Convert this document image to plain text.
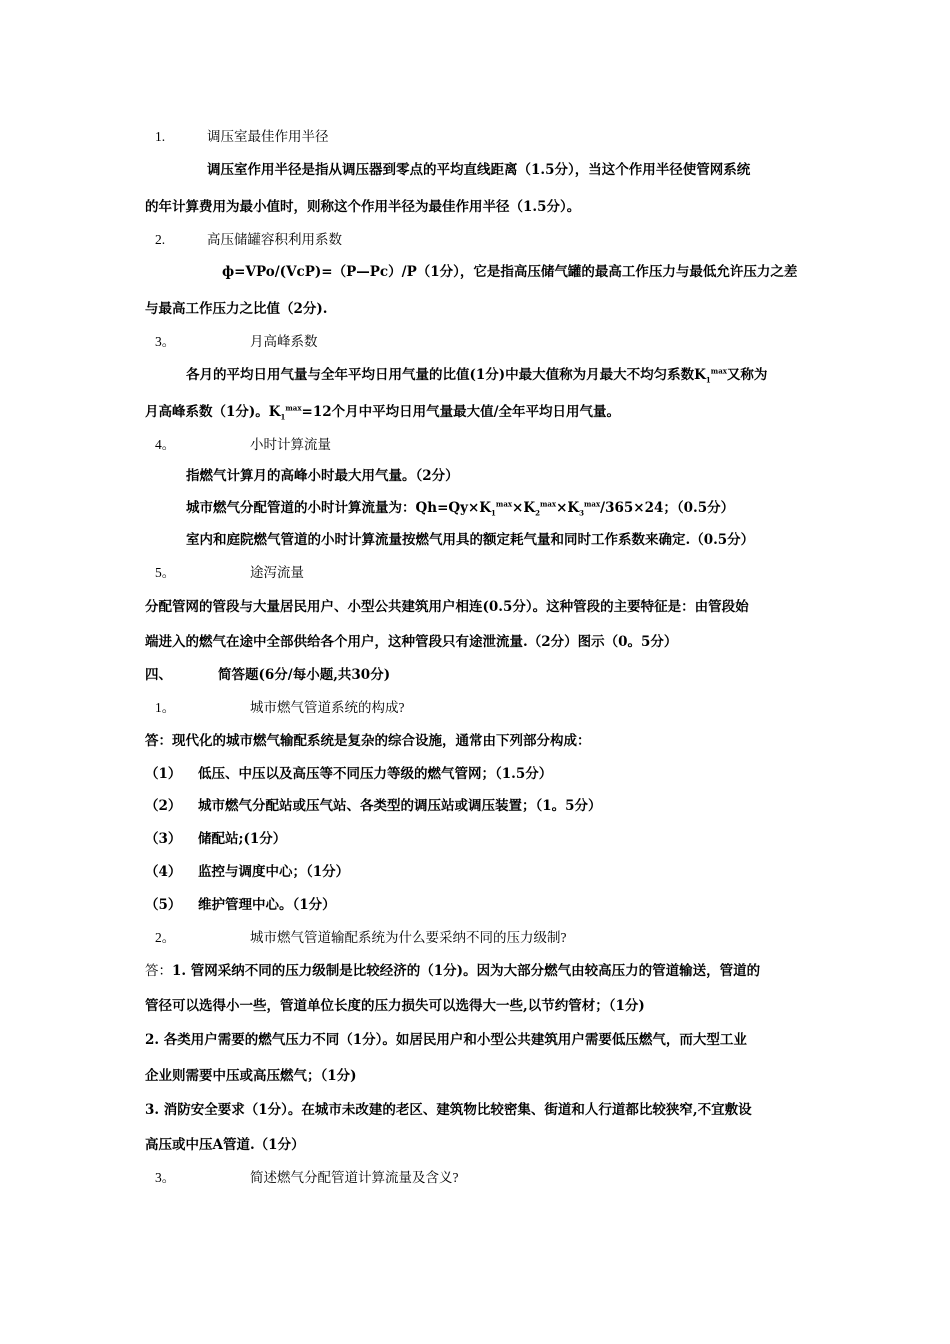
1.	调压室最佳作用半径
调压室作用半径是指从调压器到零点的平均直线距离（1.5分），当这个作用半径使管网系统
的年计算费用为最小值时，则称这个作用半径为最佳作用半径（1.5分）。
2.	高压储罐容积利用系数
ф=VPo/(VcP)=（P—Pc）/P（1分），它是指高压储气罐的最高工作压力与最低允许压力之差
与最高工作压力之比值（2分).
3。	月高峰系数
各月的平均日用气量与全年平均日用气量的比值(1分)中最大值称为月最大不均匀系数$K_1^{max}$又称为
月高峰系数（1分)。$K_1^{max}=12$个月中平均日用气量最大值/全年平均日用气量。
4。	小时计算流量
指燃气计算月的高峰小时最大用气量。（2分）
城市燃气分配管道的小时计算流量为：$Qh=Qy\times K_1^{max}\times K_2^{max}\times K_3^{max}/365\times 24$；（0.5分）
室内和庭院燃气管道的小时计算流量按燃气用具的额定耗气量和同时工作系数来确定.（0.5分）
5。	途泻流量
分配管网的管段与大量居民用户、小型公共建筑用户相连(0.5分）。这种管段的主要特征是：由管段始
端进入的燃气在途中全部供给各个用户，这种管段只有途泄流量.（2分）图示（0。5分）
四、	简答题(6分/每小题,共30分)
1。	城市燃气管道系统的构成?
答：现代化的城市燃气输配系统是复杂的综合设施，通常由下列部分构成：
（1） 低压、中压以及高压等不同压力等级的燃气管网；（1.5分）
（2） 城市燃气分配站或压气站、各类型的调压站或调压装置；（1。5分）
（3） 储配站;(1分）
（4） 监控与调度中心；（1分）
（5） 维护管理中心。（1分）
2。	城市燃气管道输配系统为什么要采纳不同的压力级制?
答：1. 管网采纳不同的压力级制是比较经济的（1分)。因为大部分燃气由较高压力的管道输送，管道的
管径可以选得小一些，管道单位长度的压力损失可以选得大一些,以节约管材；（1分)
2. 各类用户需要的燃气压力不同（1分）。如居民用户和小型公共建筑用户需要低压燃气，而大型工业
企业则需要中压或高压燃气；（1分)
3. 消防安全要求（1分）。在城市未改建的老区、建筑物比较密集、街道和人行道都比较狭窄,不宜敷设
高压或中压A管道.（1分）
3。	简述燃气分配管道计算流量及含义?
